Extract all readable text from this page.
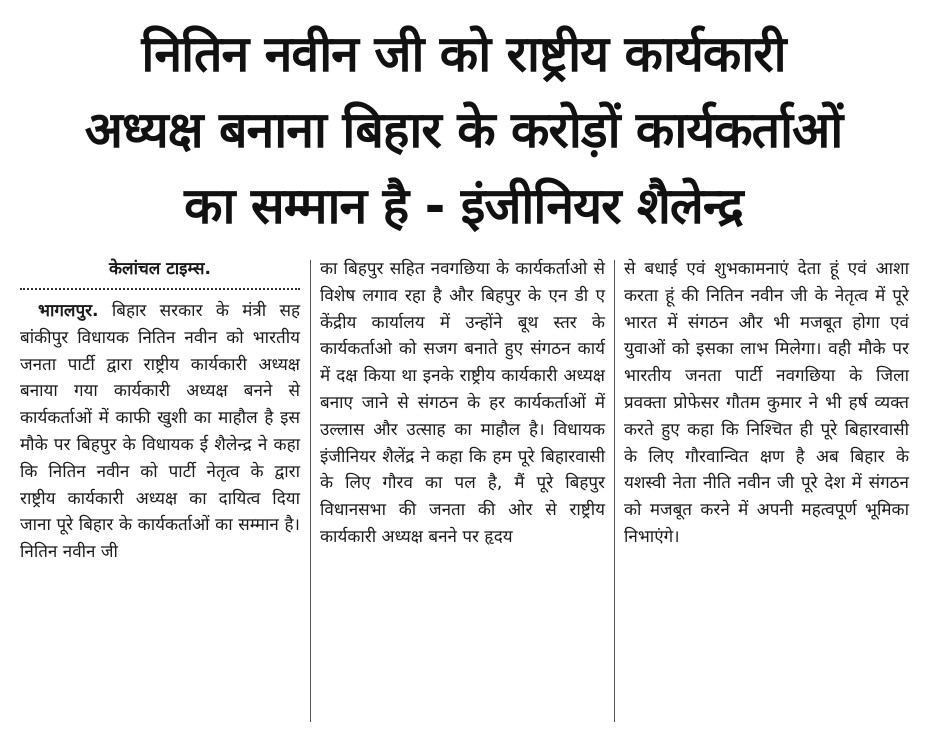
नितिन नवीन जी को राष्ट्रीय कार्यकारी
अध्यक्ष बनाना बिहार के करोड़ों कार्यकर्ताओं
का सम्मान है - इंजीनियर शैलेन्द्र
केलांचल टाइम्स.

भागलपुर. बिहार सरकार के मंत्री सह बांकीपुर विधायक नितिन नवीन को भारतीय जनता पार्टी द्वारा राष्ट्रीय कार्यकारी अध्यक्ष बनाया गया कार्यकारी अध्यक्ष बनने से कार्यकर्ताओं में काफी खुशी का माहौल है इस मौके पर बिहपुर के विधायक ई शैलेन्द्र ने कहा कि नितिन नवीन को पार्टी नेतृत्व के द्वारा राष्ट्रीय कार्यकारी अध्यक्ष का दायित्व दिया जाना पूरे बिहार के कार्यकर्ताओं का सम्मान है। नितिन नवीन जी

का बिहपुर सहित नवगछिया के कार्यकर्ताओ से विशेष लगाव रहा है और बिहपुर के एन डी ए केंद्रीय कार्यालय में उन्होंने बूथ स्तर के कार्यकर्ताओ को सजग बनाते हुए संगठन कार्य में दक्ष किया था इनके राष्ट्रीय कार्यकारी अध्यक्ष बनाए जाने से संगठन के हर कार्यकर्ताओं में उल्लास और उत्साह का माहौल है। विधायक इंजीनियर शैलेंद्र ने कहा कि हम पूरे बिहारवासी के लिए गौरव का पल है, मैं पूरे बिहपुर विधानसभा की जनता की ओर से राष्ट्रीय कार्यकारी अध्यक्ष बनने पर हृदय

से बधाई एवं शुभकामनाएं देता हूं एवं आशा करता हूं की नितिन नवीन जी के नेतृत्व में पूरे भारत में संगठन और भी मजबूत होगा एवं युवाओं को इसका लाभ मिलेगा। वही मौके पर भारतीय जनता पार्टी नवगछिया के जिला प्रवक्ता प्रोफेसर गौतम कुमार ने भी हर्ष व्यक्त करते हुए कहा कि निश्चित ही पूरे बिहारवासी के लिए गौरवान्वित क्षण है अब बिहार के यशस्वी नेता नीति नवीन जी पूरे देश में संगठन को मजबूत करने में अपनी महत्वपूर्ण भूमिका निभाएंगे।
